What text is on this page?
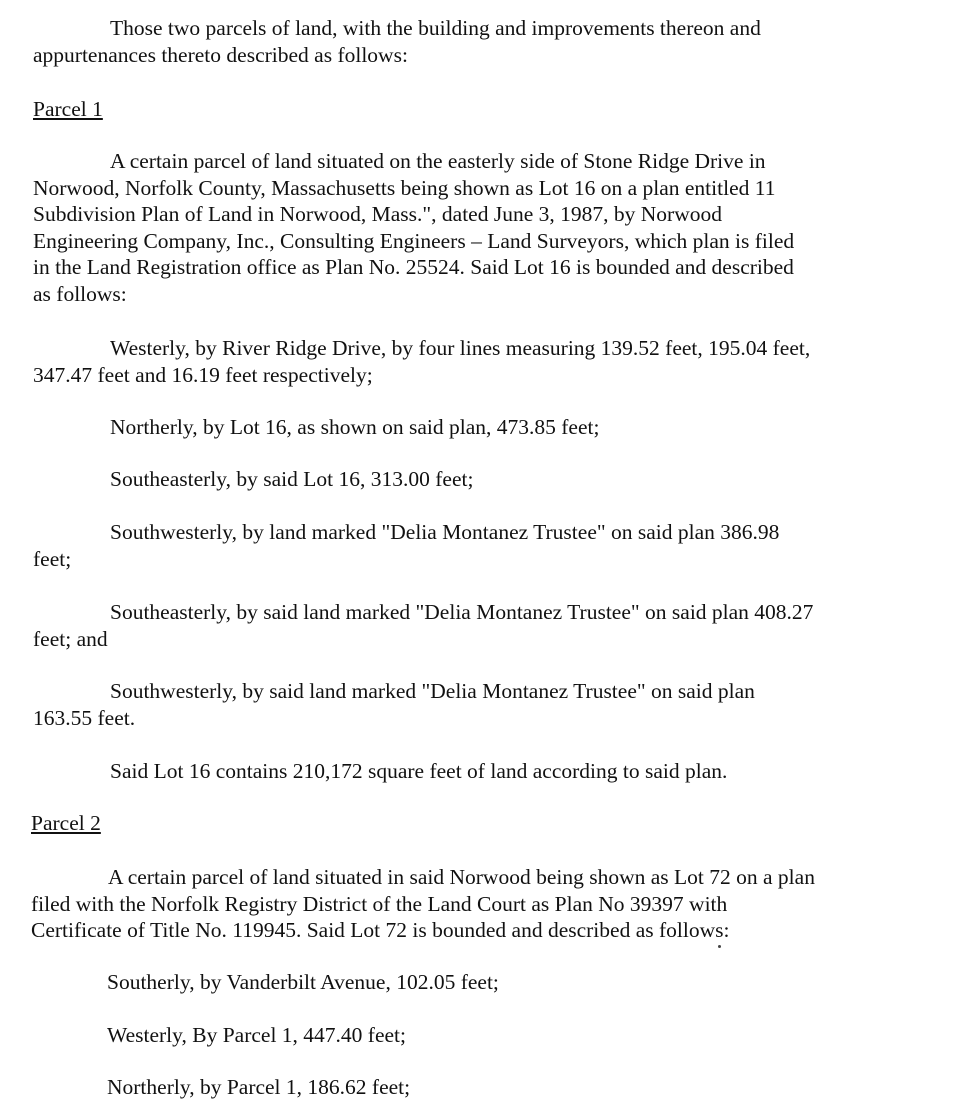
Those two parcels of land, with the building and improvements thereon and
appurtenances thereto described as follows:

Parcel 1

A certain parcel of land situated on the easterly side of Stone Ridge Drive in
Norwood, Norfolk County, Massachusetts being shown as Lot 16 on a plan entitled 11
Subdivision Plan of Land in Norwood, Mass.", dated June 3, 1987, by Norwood
Engineering Company, Inc., Consulting Engineers – Land Surveyors, which plan is filed
in the Land Registration office as Plan No. 25524. Said Lot 16 is bounded and described
as follows:

Westerly, by River Ridge Drive, by four lines measuring 139.52 feet, 195.04 feet,
347.47 feet and 16.19 feet respectively;

Northerly, by Lot 16, as shown on said plan, 473.85 feet;

Southeasterly, by said Lot 16, 313.00 feet;

Southwesterly, by land marked "Delia Montanez Trustee" on said plan 386.98
feet;

Southeasterly, by said land marked "Delia Montanez Trustee" on said plan 408.27
feet; and

Southwesterly, by said land marked "Delia Montanez Trustee" on said plan
163.55 feet.

Said Lot 16 contains 210,172 square feet of land according to said plan.

Parcel 2

A certain parcel of land situated in said Norwood being shown as Lot 72 on a plan
filed with the Norfolk Registry District of the Land Court as Plan No 39397 with
Certificate of Title No. 119945. Said Lot 72 is bounded and described as follows:

Southerly, by Vanderbilt Avenue, 102.05 feet;

Westerly, By Parcel 1, 447.40 feet;

Northerly, by Parcel 1, 186.62 feet;
